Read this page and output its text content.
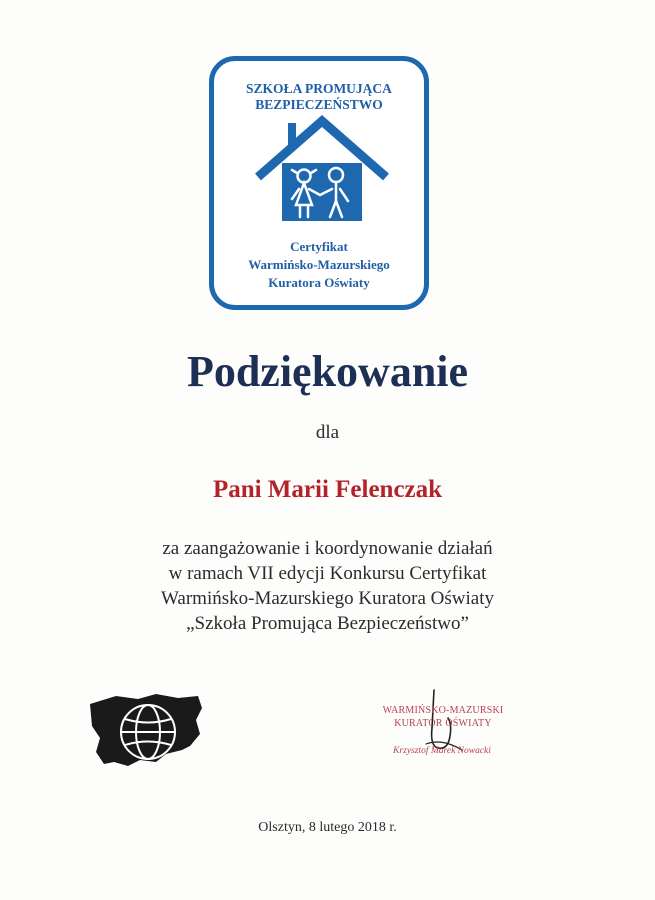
SZKOŁA PROMUJĄCA
BEZPIECZEŃSTWO
Certyfikat
Warmińsko-Mazurskiego
Kuratora Oświaty
Podziękowanie
dla
Pani Marii Felenczak
za zaangażowanie i koordynowanie działań
w ramach VII edycji Konkursu Certyfikat
Warmińsko-Mazurskiego Kuratora Oświaty
„Szkoła Promująca Bezpieczeństwo”
WARMIŃSKO-MAZURSKI
KURATOR OŚWIATY
Krzysztof Marek Nowacki
Olsztyn, 8 lutego 2018 r.
